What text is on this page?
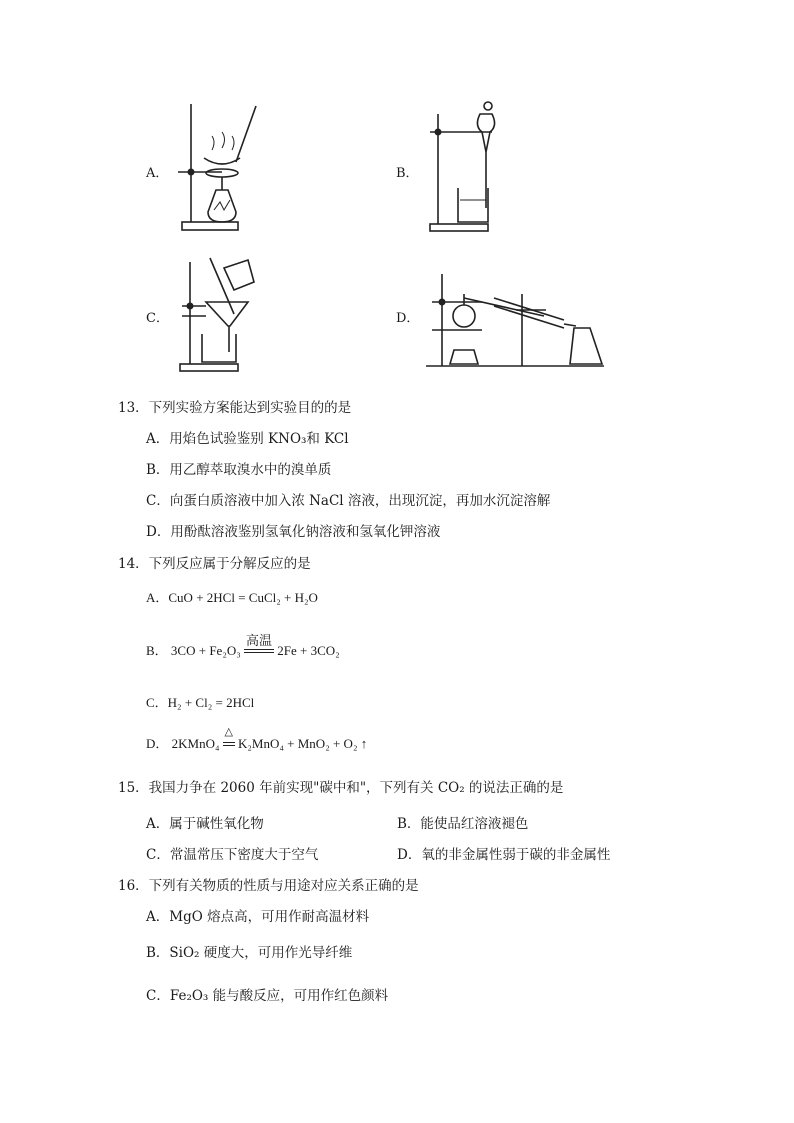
A．	B．
C．	D．
13．下列实验方案能达到实验目的的是
A．用焰色试验鉴别 KNO₃和 KCl
B．用乙醇萃取溴水中的溴单质
C．向蛋白质溶液中加入浓 NaCl 溶液，出现沉淀，再加水沉淀溶解
D．用酚酞溶液鉴别氢氧化钠溶液和氢氧化钾溶液
14．下列反应属于分解反应的是
A．CuO + 2HCl = CuCl₂ + H₂O
B． 3CO + Fe₂O₃
高温
2Fe + 3CO₂
C．H₂ + Cl₂ = 2HCl
D． 2KMnO₄
△
K₂MnO₄ + MnO₂ + O₂ ↑
15．我国力争在 2060 年前实现"碳中和"，下列有关 CO₂ 的说法正确的是
A．属于碱性氧化物	B．能使品红溶液褪色
C．常温常压下密度大于空气	D．氧的非金属性弱于碳的非金属性
16．下列有关物质的性质与用途对应关系正确的是
A．MgO 熔点高，可用作耐高温材料
B．SiO₂ 硬度大，可用作光导纤维
C．Fe₂O₃ 能与酸反应，可用作红色颜料
